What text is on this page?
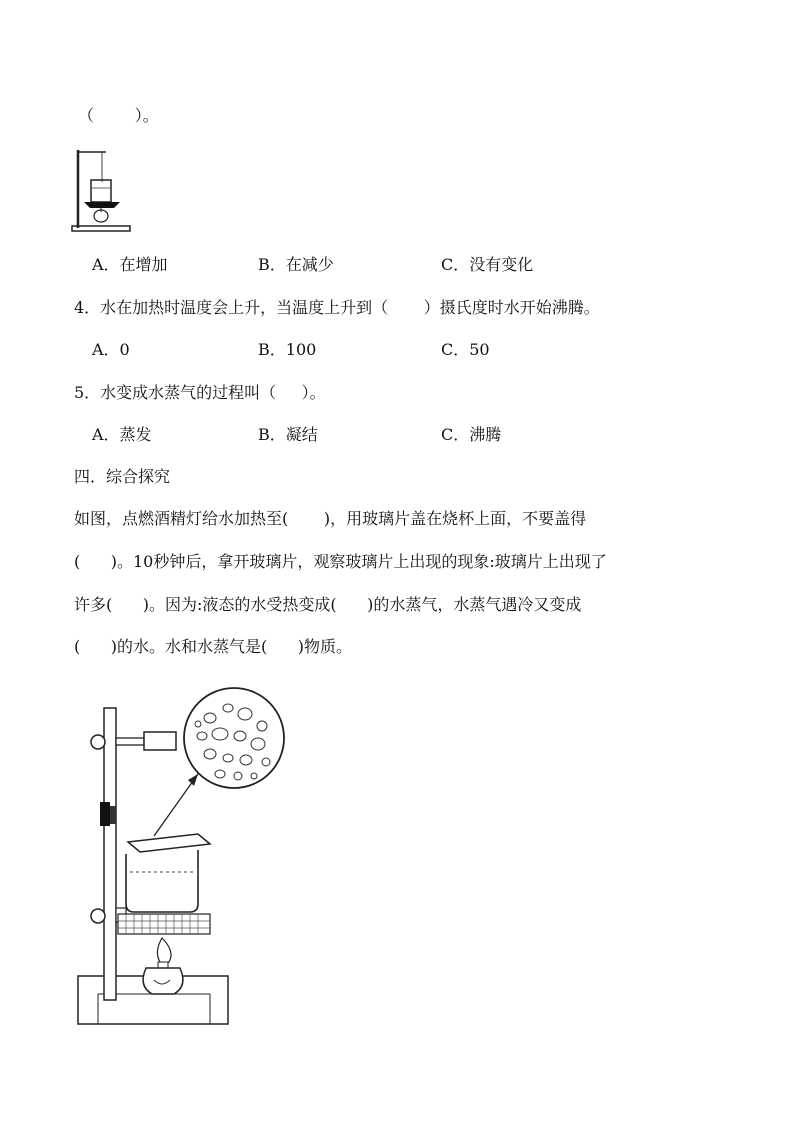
（        ）。
A．在增加	B．在减少	C．没有变化
4．水在加热时温度会上升，当温度上升到（       ）摄氏度时水开始沸腾。
A．0	B．100	C．50
5．水变成水蒸气的过程叫（     ）。
A．蒸发	B．凝结	C．沸腾
四．综合探究
如图，点燃酒精灯给水加热至(       )，用玻璃片盖在烧杯上面，不要盖得
(      )。10秒钟后，拿开玻璃片，观察玻璃片上出现的现象:玻璃片上出现了
许多(      )。因为:液态的水受热变成(      )的水蒸气，水蒸气遇冷又变成
(      )的水。水和水蒸气是(      )物质。
